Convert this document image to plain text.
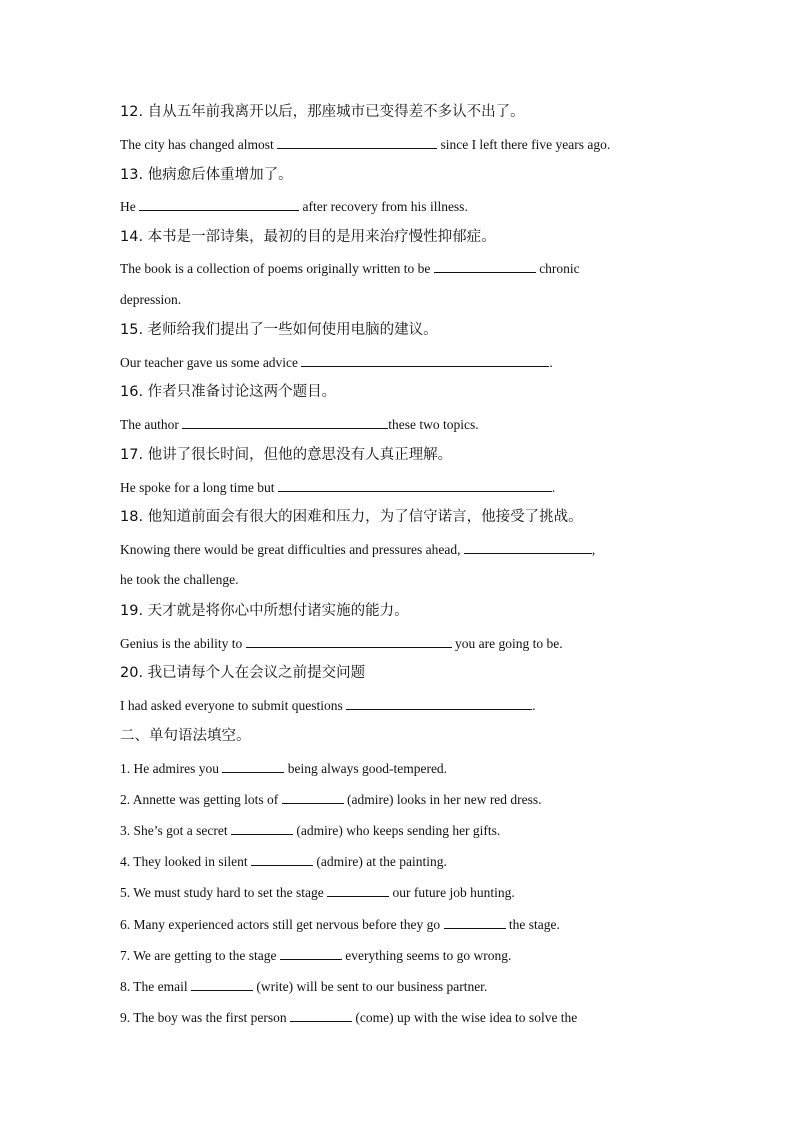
12. 自从五年前我离开以后，那座城市已变得差不多认不出了。
The city has changed almost	since I left there five years ago.
13. 他病愈后体重增加了。
He	after recovery from his illness.
14. 本书是一部诗集，最初的目的是用来治疗慢性抑郁症。
The book is a collection of poems originally written to be	chronic
depression.
15. 老师给我们提出了一些如何使用电脑的建议。
Our teacher gave us some advice	.
16. 作者只准备讨论这两个题目。
The author	these two topics.
17. 他讲了很长时间，但他的意思没有人真正理解。
He spoke for a long time but	.
18. 他知道前面会有很大的困难和压力，为了信守诺言，他接受了挑战。
Knowing there would be great difficulties and pressures ahead,	,
he took the challenge.
19. 天才就是将你心中所想付诸实施的能力。
Genius is the ability to	you are going to be.
20. 我已请每个人在会议之前提交问题
I had asked everyone to submit questions	.
二、单句语法填空。
1. He admires you	being always good-tempered.
2. Annette was getting lots of	(admire) looks in her new red dress.
3. She’s got a secret	(admire) who keeps sending her gifts.
4. They looked in silent	(admire) at the painting.
5. We must study hard to set the stage	our future job hunting.
6. Many experienced actors still get nervous before they go	the stage.
7. We are getting to the stage	everything seems to go wrong.
8. The email	(write) will be sent to our business partner.
9. The boy was the first person	(come) up with the wise idea to solve the
